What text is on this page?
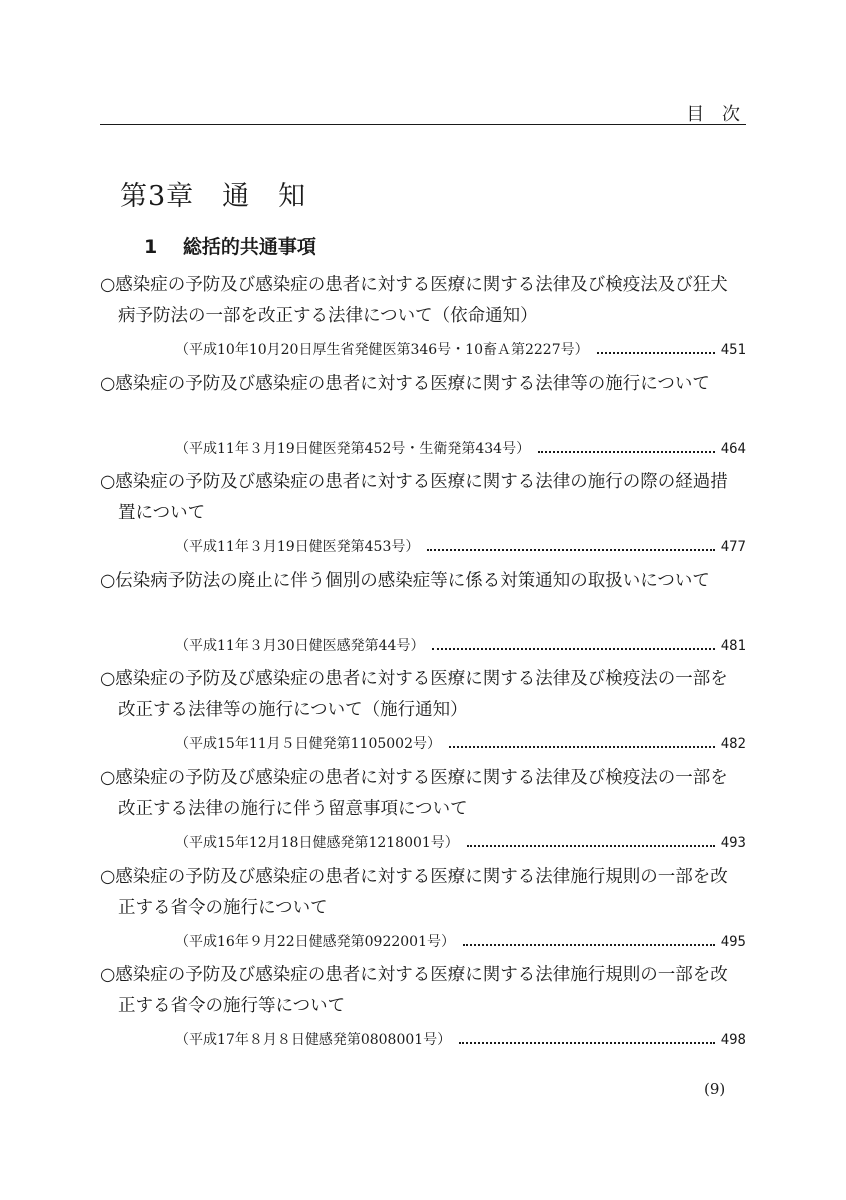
目 次
第3章　通　知
1　 総括的共通事項
○感染症の予防及び感染症の患者に対する医療に関する法律及び検疫法及び狂犬病予防法の一部を改正する法律について（依命通知）
（平成10年10月20日厚生省発健医第346号・10畜Ａ第2227号）	451
○感染症の予防及び感染症の患者に対する医療に関する法律等の施行について
（平成11年３月19日健医発第452号・生衛発第434号）	464
○感染症の予防及び感染症の患者に対する医療に関する法律の施行の際の経過措置について
（平成11年３月19日健医発第453号）	477
○伝染病予防法の廃止に伴う個別の感染症等に係る対策通知の取扱いについて
（平成11年３月30日健医感発第44号）	481
○感染症の予防及び感染症の患者に対する医療に関する法律及び検疫法の一部を改正する法律等の施行について（施行通知）
（平成15年11月５日健発第1105002号）	482
○感染症の予防及び感染症の患者に対する医療に関する法律及び検疫法の一部を改正する法律の施行に伴う留意事項について
（平成15年12月18日健感発第1218001号）	493
○感染症の予防及び感染症の患者に対する医療に関する法律施行規則の一部を改正する省令の施行について
（平成16年９月22日健感発第0922001号）	495
○感染症の予防及び感染症の患者に対する医療に関する法律施行規則の一部を改正する省令の施行等について
（平成17年８月８日健感発第0808001号）	498
(9)
